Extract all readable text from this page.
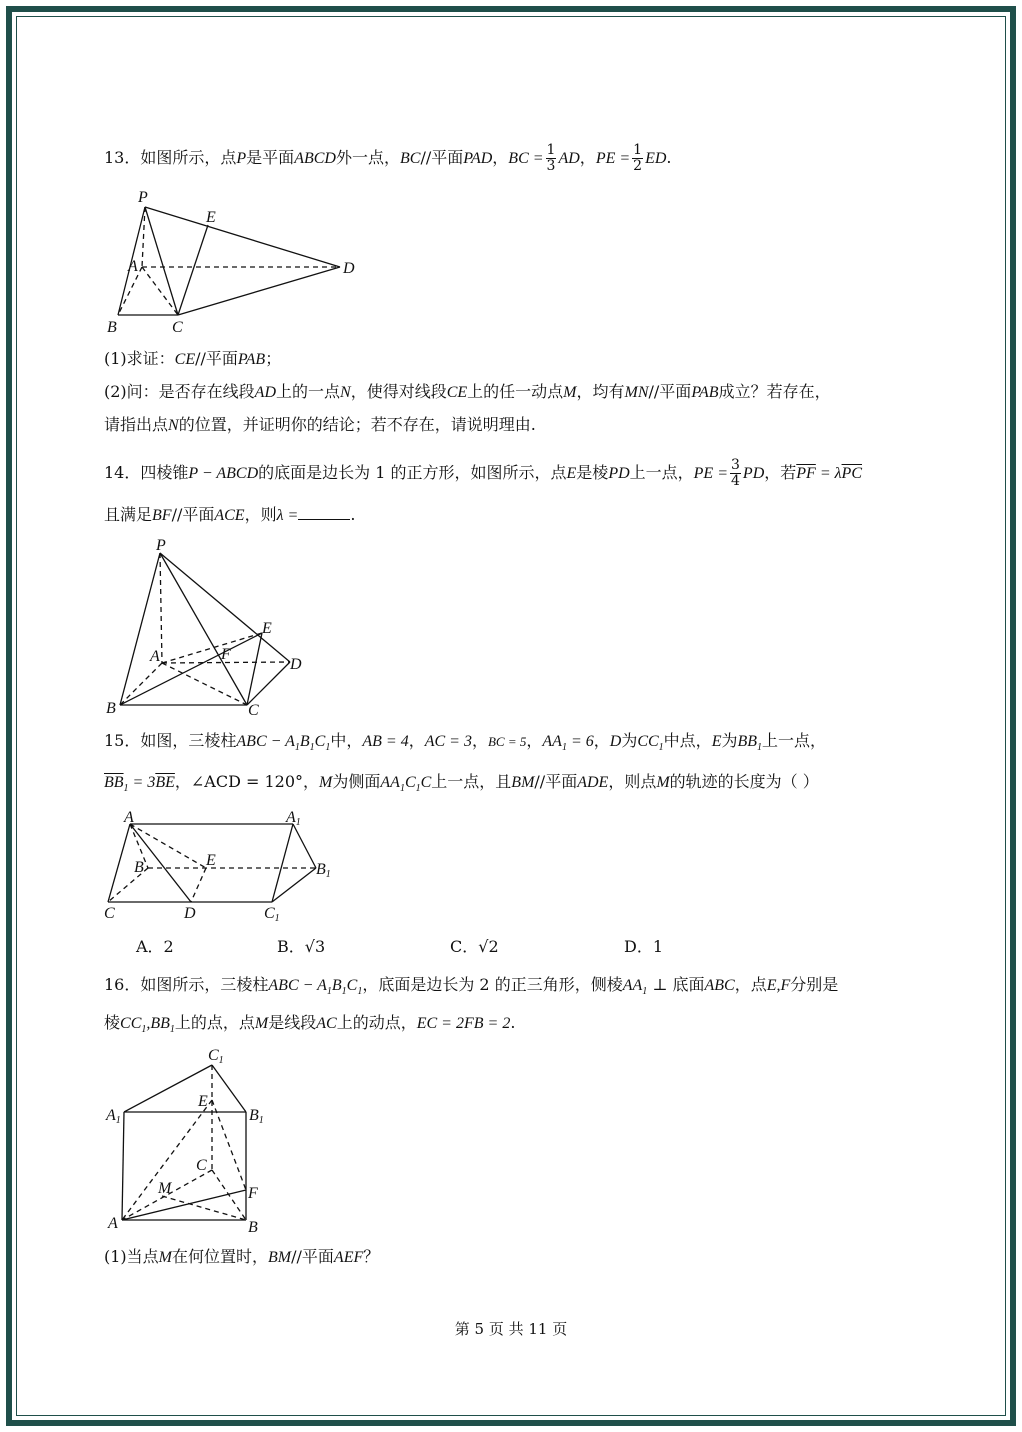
13．如图所示，点P是平面ABCD外一点，BC//平面PAD，BC = $\frac{1}{3}$ AD，PE = $\frac{1}{2}$ ED.
P
E
A	D
B	C
(1)求证：CE//平面PAB；
(2)问：是否存在线段AD上的一点N，使得对线段CE上的任一动点M，均有MN//平面PAB成立？若存在，
请指出点N的位置，并证明你的结论；若不存在，请说明理由.
14．四棱锥P − ABCD的底面是边长为 1 的正方形，如图所示，点E是棱PD上一点，PE = $\frac{3}{4}$ PD，若$\overline{PF} = \lambda\overline{PC}$
且满足BF//平面ACE，则λ =	.
P
E
A	F
D
B	C
15．如图，三棱柱ABC − $A_1B_1C_1$中，AB = 4，AC = 3，BC = 5，$AA_1 = 6$，D为$CC_1$中点，E为$BB_1$上一点，
$\overline{BB}_1 = 3\overline{BE}$，∠ACD = 120°，M为侧面$AA_1C_1C$上一点，且BM//平面ADE，则点M的轨迹的长度为（ ）
A	A1
B	E
B1
C	D	C1
A．2	B．√3	C．√2	D．1
16．如图所示，三棱柱ABC − $A_1B_1C_1$，底面是边长为 2 的正三角形，侧棱$AA_1$ ⊥ 底面ABC，点E,F分别是
棱$CC_1,BB_1$上的点，点M是线段AC上的动点，EC = 2FB = 2.
C1
A1
E
B1
C
M	F
A	B
(1)当点M在何位置时，BM//平面AEF？
第 5 页 共 11 页
